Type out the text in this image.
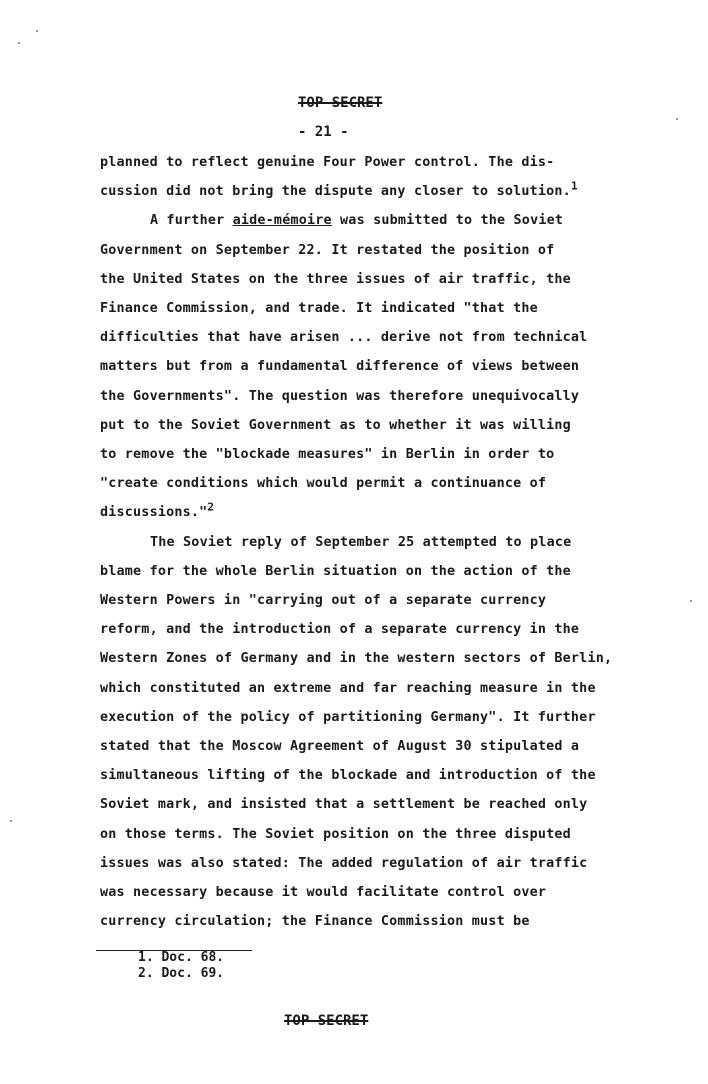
TOP SECRET
- 21 -
planned to reflect genuine Four Power control. The dis-
cussion did not bring the dispute any closer to solution.$^1$
A further aide-mémoire was submitted to the Soviet
Government on September 22. It restated the position of
the United States on the three issues of air traffic, the
Finance Commission, and trade. It indicated "that the
difficulties that have arisen ... derive not from technical
matters but from a fundamental difference of views between
the Governments". The question was therefore unequivocally
put to the Soviet Government as to whether it was willing
to remove the "blockade measures" in Berlin in order to
"create conditions which would permit a continuance of
discussions."$^2$
The Soviet reply of September 25 attempted to place
blame for the whole Berlin situation on the action of the
Western Powers in "carrying out of a separate currency
reform, and the introduction of a separate currency in the
Western Zones of Germany and in the western sectors of Berlin,
which constituted an extreme and far reaching measure in the
execution of the policy of partitioning Germany". It further
stated that the Moscow Agreement of August 30 stipulated a
simultaneous lifting of the blockade and introduction of the
Soviet mark, and insisted that a settlement be reached only
on those terms. The Soviet position on the three disputed
issues was also stated: The added regulation of air traffic
was necessary because it would facilitate control over
currency circulation; the Finance Commission must be
1. Doc. 68.
2. Doc. 69.
TOP SECRET
